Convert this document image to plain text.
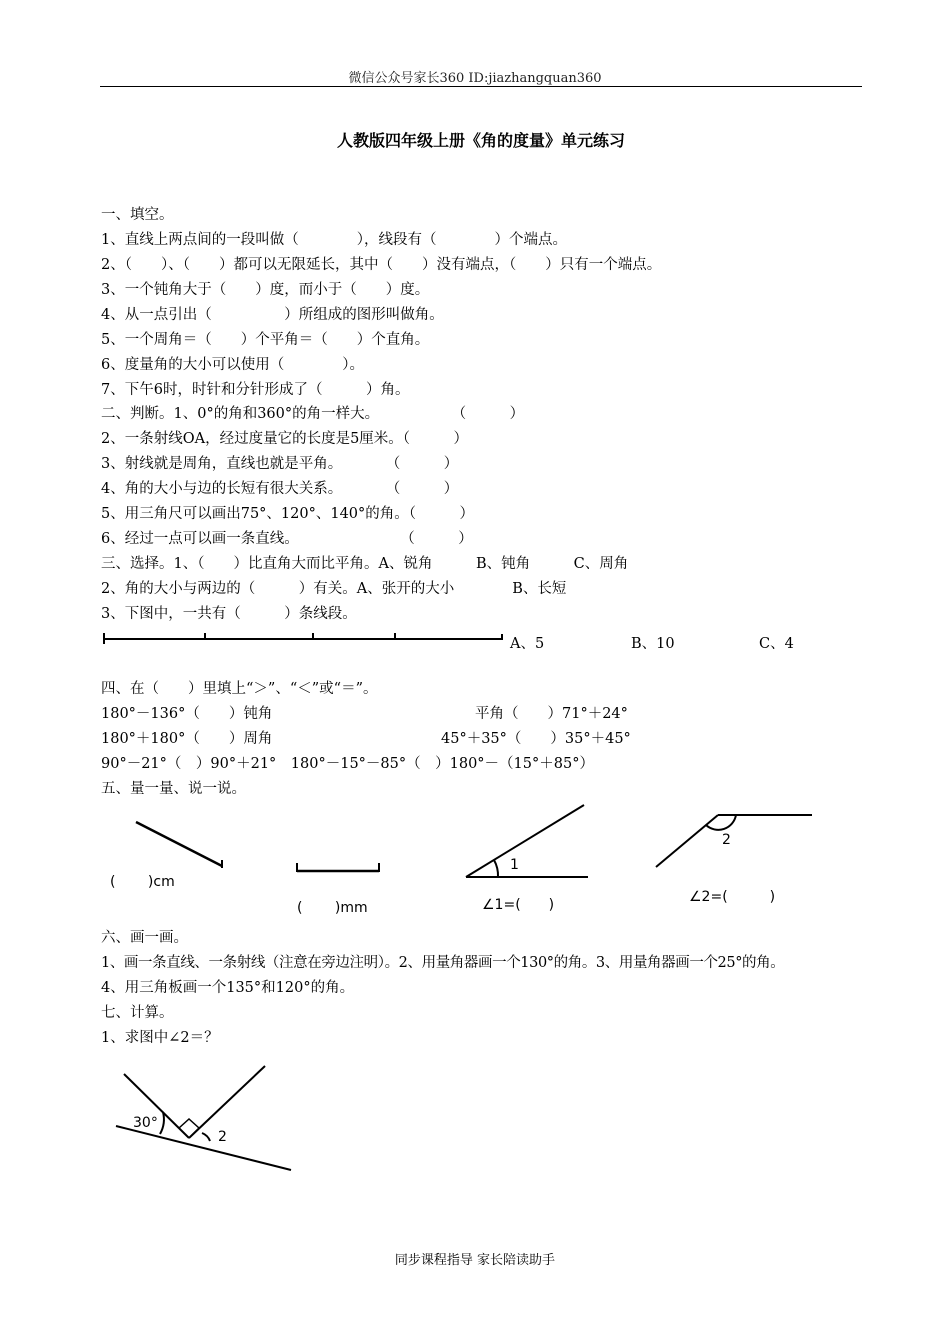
微信公众号家长360 ID:jiazhangquan360
人教版四年级上册《角的度量》单元练习
一、填空。
1、直线上两点间的一段叫做（　　　　），线段有（　　　　）个端点。
2、（　　）、（　　）都可以无限延长，其中（　　）没有端点，（　　）只有一个端点。
3、一个钝角大于（　　）度，而小于（　　）度。
4、从一点引出（　　　　　）所组成的图形叫做角。
5、一个周角＝（　　）个平角＝（　　）个直角。
6、度量角的大小可以使用（　　　　）。
7、下午6时，时针和分针形成了（　　　）角。
二、判断。1、0°的角和360°的角一样大。　　　　　　（　　　）
2、一条射线OA，经过度量它的长度是5厘米。（　　　）
3、射线就是周角，直线也就是平角。　　　　（　　　）
4、角的大小与边的长短有很大关系。　　　　（　　　）
5、用三角尺可以画出75°、120°、140°的角。（　　　）
6、经过一点可以画一条直线。　　　　　　　　（　　　）
三、选择。1、（　　）比直角大而比平角。A、锐角　　　B、钝角　　　C、周角
2、角的大小与两边的（　　　）有关。A、张开的大小　　　　B、长短
3、下图中，一共有（　　　）条线段。
A、5	B、10	C、4
四、在（　　）里填上“＞”、“＜”或“＝”。
180°－136°（　　）钝角	平角（　　）71°＋24°
180°＋180°（　　）周角	45°＋35°（　　）35°＋45°
90°－21°（　）90°＋21°　180°－15°－85°（　）180°－（15°＋85°）
五、量一量、说一说。
(　　 )cm
(　　 )mm
1
∠1=(　　)
2
∠2=(　　　)
六、画一画。
1、画一条直线、一条射线（注意在旁边注明）。2、用量角器画一个130°的角。3、用量角器画一个25°的角。
4、用三角板画一个135°和120°的角。
七、计算。
1、求图中∠2＝？
30°
2
同步课程指导 家长陪读助手
